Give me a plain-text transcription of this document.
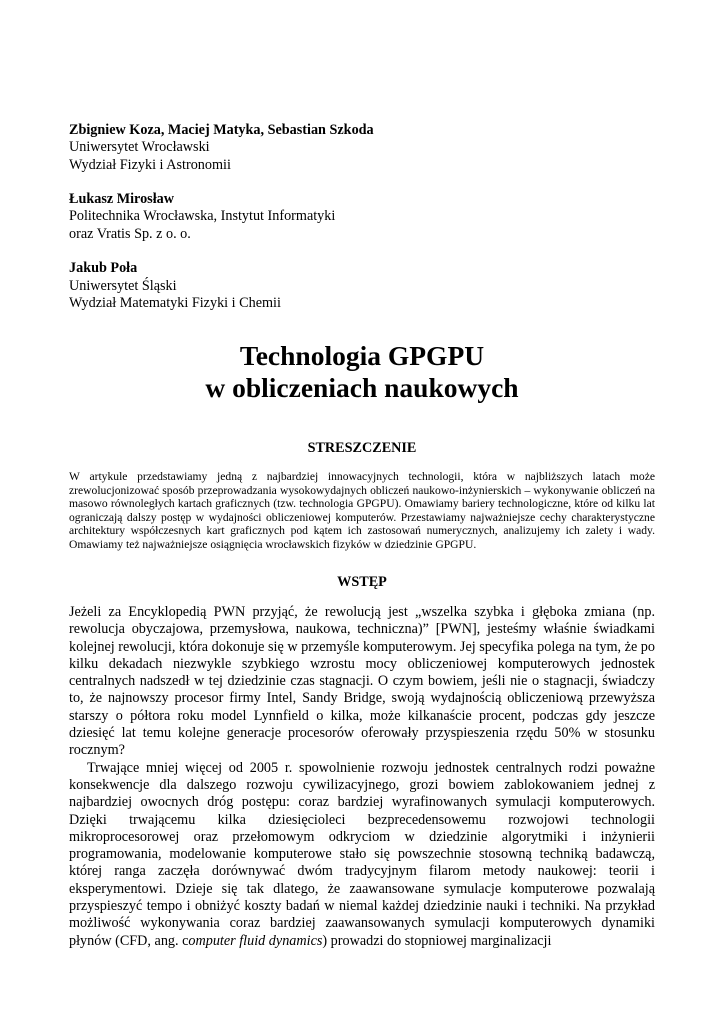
Zbigniew Koza, Maciej Matyka, Sebastian Szkoda
Uniwersytet Wrocławski
Wydział Fizyki i Astronomii
Łukasz Mirosław
Politechnika Wrocławska, Instytut Informatyki
oraz Vratis Sp. z o. o.
Jakub Poła
Uniwersytet Śląski
Wydział Matematyki Fizyki i Chemii
Technologia GPGPU
w obliczeniach naukowych
STRESZCZENIE

W artykule przedstawiamy jedną z najbardziej innowacyjnych technologii, która w najbliższych latach może zrewolucjonizować sposób przeprowadzania wysokowydajnych obliczeń naukowo-inżynierskich – wykonywanie obliczeń na masowo równoległych kartach graficznych (tzw. technologia GPGPU). Omawiamy bariery technologiczne, które od kilku lat ograniczają dalszy postęp w wydajności obliczeniowej komputerów. Przestawiamy najważniejsze cechy charakterystyczne architektury współczesnych kart graficznych pod kątem ich zastosowań numerycznych, analizujemy ich zalety i wady. Omawiamy też najważniejsze osiągnięcia wrocławskich fizyków w dziedzinie GPGPU.

WSTĘP

Jeżeli za Encyklopedią PWN przyjąć, że rewolucją jest „wszelka szybka i głęboka zmiana (np. rewolucja obyczajowa, przemysłowa, naukowa, techniczna)” [PWN], jesteśmy właśnie świadkami kolejnej rewolucji, która dokonuje się w przemyśle komputerowym. Jej specyfika polega na tym, że po kilku dekadach niezwykle szybkiego wzrostu mocy obliczeniowej komputerowych jednostek centralnych nadszedł w tej dziedzinie czas stagnacji. O czym bowiem, jeśli nie o stagnacji, świadczy to, że najnowszy procesor firmy Intel, Sandy Bridge, swoją wydajnością obliczeniową przewyższa starszy o półtora roku model Lynnfield o kilka, może kilkanaście procent, podczas gdy jeszcze dziesięć lat temu kolejne generacje procesorów oferowały przyspieszenia rzędu 50% w stosunku rocznym?

Trwające mniej więcej od 2005 r. spowolnienie rozwoju jednostek centralnych rodzi poważne konsekwencje dla dalszego rozwoju cywilizacyjnego, grozi bowiem zablokowaniem jednej z najbardziej owocnych dróg postępu: coraz bardziej wyrafinowanych symulacji komputerowych. Dzięki trwającemu kilka dziesięcioleci bezprecedensowemu rozwojowi technologii mikroprocesorowej oraz przełomowym odkryciom w dziedzinie algorytmiki i inżynierii programowania, modelowanie komputerowe stało się powszechnie stosowną techniką badawczą, której ranga zaczęła dorównywać dwóm tradycyjnym filarom metody naukowej: teorii i eksperymentowi. Dzieje się tak dlatego, że zaawansowane symulacje komputerowe pozwalają przyspieszyć tempo i obniżyć koszty badań w niemal każdej dziedzinie nauki i techniki. Na przykład możliwość wykonywania coraz bardziej zaawansowanych symulacji komputerowych dynamiki płynów (CFD, ang. computer fluid dynamics) prowadzi do stopniowej marginalizacji
